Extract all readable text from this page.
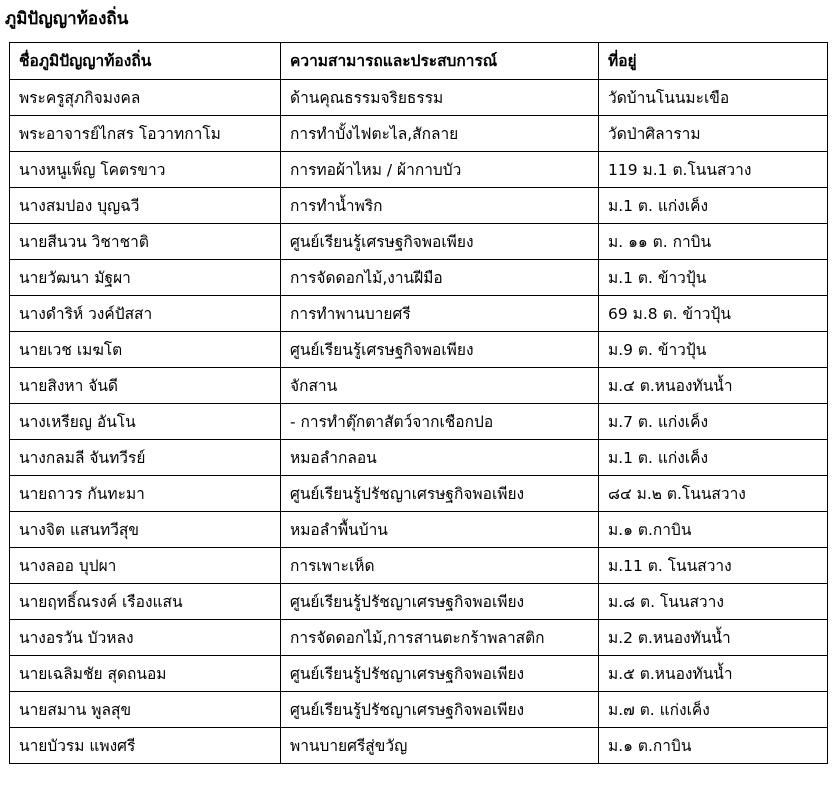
ภูมิปัญญาท้องถิ่น
ชื่อภูมิปัญญาท้องถิ่น	ความสามารถและประสบการณ์	ที่อยู่
พระครูสุภกิจมงคล	ด้านคุณธรรมจริยธรรม	วัดบ้านโนนมะเขือ
พระอาจารย์ไกสร โอวาทกาโม	การทำบั้งไฟตะไล,สักลาย	วัดป่าศิลาราม
นางหนูเพ็ญ โคตรขาว	การทอผ้าไหม / ผ้ากาบบัว	119 ม.1 ต.โนนสวาง
นางสมปอง บุญฉวี	การทำน้ำพริก	ม.1 ต. แก่งเค็ง
นายสีนวน วิชาชาติ	ศูนย์เรียนรู้เศรษฐกิจพอเพียง	ม. ๑๑ ต. กาบิน
นายวัฒนา มัฐผา	การจัดดอกไม้,งานฝีมือ	ม.1 ต. ข้าวปุ้น
นางดำริห์ วงค์ปัสสา	การทำพานบายศรี	69 ม.8 ต. ข้าวปุ้น
นายเวช เมฆโต	ศูนย์เรียนรู้เศรษฐกิจพอเพียง	ม.9 ต. ข้าวปุ้น
นายสิงหา จันดี	จักสาน	ม.๔ ต.หนองทันน้ำ
นางเหรียญ อันโน	- การทำตุ๊กตาสัตว์จากเชือกปอ	ม.7 ต. แก่งเค็ง
นางกลมลี จันทวีรย์	หมอลำกลอน	ม.1 ต. แก่งเค็ง
นายถาวร กันทะมา	ศูนย์เรียนรู้ปรัชญาเศรษฐกิจพอเพียง	๘๔ ม.๒ ต.โนนสวาง
นางจิต แสนทวีสุข	หมอลำพื้นบ้าน	ม.๑ ต.กาบิน
นางลออ บุปผา	การเพาะเห็ด	ม.11 ต. โนนสวาง
นายฤทธิ์ณรงค์ เรืองแสน	ศูนย์เรียนรู้ปรัชญาเศรษฐกิจพอเพียง	ม.๘ ต. โนนสวาง
นางอรวัน บัวหลง	การจัดดอกไม้,การสานตะกร้าพลาสติก	ม.2 ต.หนองทันน้ำ
นายเฉลิมชัย สุดถนอม	ศูนย์เรียนรู้ปรัชญาเศรษฐกิจพอเพียง	ม.๕ ต.หนองทันน้ำ
นายสมาน พูลสุข	ศูนย์เรียนรู้ปรัชญาเศรษฐกิจพอเพียง	ม.๗ ต. แก่งเค็ง
นายบัวรม แพงศรี	พานบายศรีสู่ขวัญ	ม.๑ ต.กาบิน
